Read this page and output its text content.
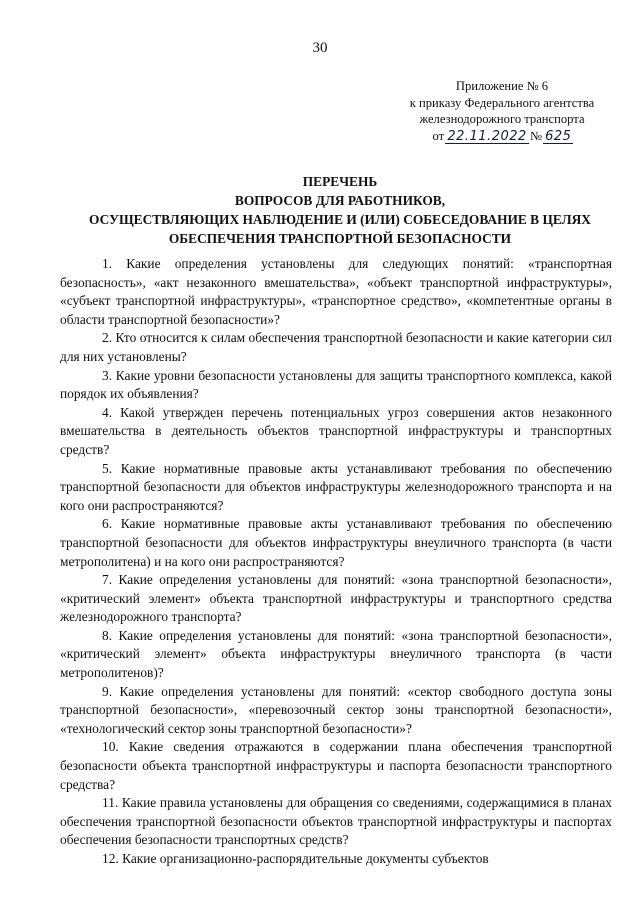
30
Приложение № 6
к приказу Федерального агентства
железнодорожного транспорта
от 22.11.2022 № 625
ПЕРЕЧЕНЬ
ВОПРОСОВ ДЛЯ РАБОТНИКОВ,
ОСУЩЕСТВЛЯЮЩИХ НАБЛЮДЕНИЕ И (ИЛИ) СОБЕСЕДОВАНИЕ В ЦЕЛЯХ
ОБЕСПЕЧЕНИЯ ТРАНСПОРТНОЙ БЕЗОПАСНОСТИ

1. Какие определения установлены для следующих понятий: «транспортная безопасность», «акт незаконного вмешательства», «объект транспортной инфраструктуры», «субъект транспортной инфраструктуры», «транспортное средство», «компетентные органы в области транспортной безопасности»?

2. Кто относится к силам обеспечения транспортной безопасности и какие категории сил для них установлены?

3. Какие уровни безопасности установлены для защиты транспортного комплекса, какой порядок их объявления?

4. Какой утвержден перечень потенциальных угроз совершения актов незаконного вмешательства в деятельность объектов транспортной инфраструктуры и транспортных средств?

5. Какие нормативные правовые акты устанавливают требования по обеспечению транспортной безопасности для объектов инфраструктуры железнодорожного транспорта и на кого они распространяются?

6. Какие нормативные правовые акты устанавливают требования по обеспечению транспортной безопасности для объектов инфраструктуры внеуличного транспорта (в части метрополитена) и на кого они распространяются?

7. Какие определения установлены для понятий: «зона транспортной безопасности», «критический элемент» объекта транспортной инфраструктуры и транспортного средства железнодорожного транспорта?

8. Какие определения установлены для понятий: «зона транспортной безопасности», «критический элемент» объекта инфраструктуры внеуличного транспорта (в части метрополитенов)?

9. Какие определения установлены для понятий: «сектор свободного доступа зоны транспортной безопасности», «перевозочный сектор зоны транспортной безопасности», «технологический сектор зоны транспортной безопасности»?

10. Какие сведения отражаются в содержании плана обеспечения транспортной безопасности объекта транспортной инфраструктуры и паспорта безопасности транспортного средства?

11. Какие правила установлены для обращения со сведениями, содержащимися в планах обеспечения транспортной безопасности объектов транспортной инфраструктуры и паспортах обеспечения безопасности транспортных средств?

12. Какие организационно-распорядительные документы субъектов
